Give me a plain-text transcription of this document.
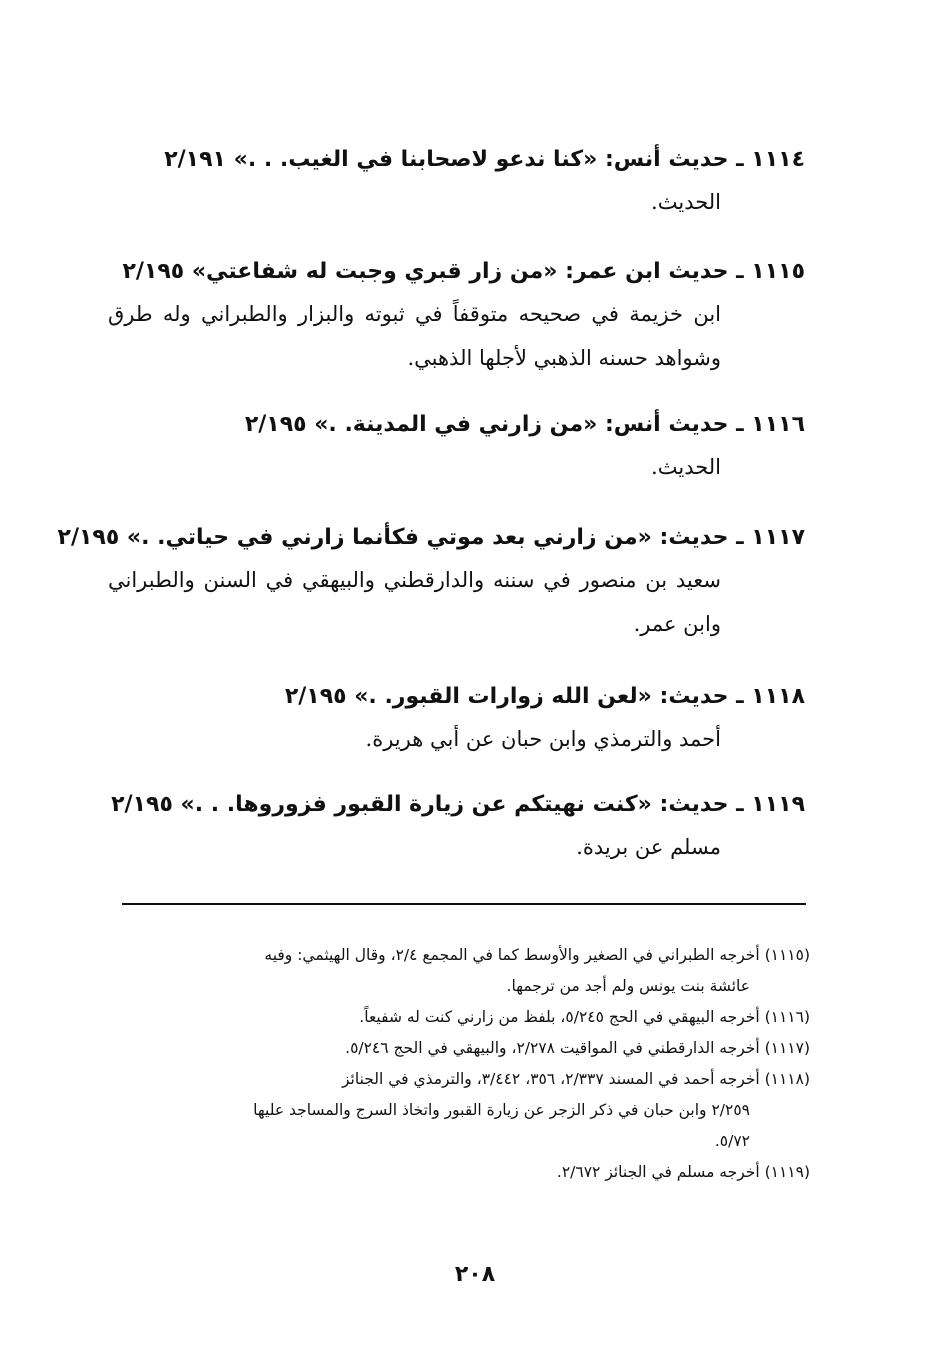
١١١٤ ـ حديث أنس: «كنا ندعو لاصحابنا في الغيب. . .» ٢/١٩١
الحديث.
١١١٥ ـ حديث ابن عمر: «من زار قبري وجبت له شفاعتي» ٢/١٩٥
ابن خزيمة في صحيحه متوقفاً في ثبوته والبزار والطبراني وله طرق وشواهد حسنه الذهبي لأجلها الذهبي.
١١١٦ ـ حديث أنس: «من زارني في المدينة. .» ٢/١٩٥
الحديث.
١١١٧ ـ حديث: «من زارني بعد موتي فكأنما زارني في حياتي. .» ٢/١٩٥
سعيد بن منصور في سننه والدارقطني والبيهقي في السنن والطبراني وابن عمر.
١١١٨ ـ حديث: «لعن الله زوارات القبور. .» ٢/١٩٥
أحمد والترمذي وابن حبان عن أبي هريرة.
١١١٩ ـ حديث: «كنت نهيتكم عن زيارة القبور فزوروها. . .» ٢/١٩٥
مسلم عن بريدة.
(١١١٥) أخرجه الطبراني في الصغير والأوسط كما في المجمع ٢/٤، وقال الهيثمي: وفيه
عائشة بنت يونس ولم أجد من ترجمها.
(١١١٦) أخرجه البيهقي في الحج ٥/٢٤٥، بلفظ من زارني كنت له شفيعاً.
(١١١٧) أخرجه الدارقطني في المواقيت ٢/٢٧٨، والبيهقي في الحج ٥/٢٤٦.
(١١١٨) أخرجه أحمد في المسند ٢/٣٣٧، ٣٥٦، ٣/٤٤٢، والترمذي في الجنائز
٢/٢٥٩ وابن حبان في ذكر الزجر عن زيارة القبور واتخاذ السرج والمساجد عليها
٥/٧٢.
(١١١٩) أخرجه مسلم في الجنائز ٢/٦٧٢.
٢٠٨
